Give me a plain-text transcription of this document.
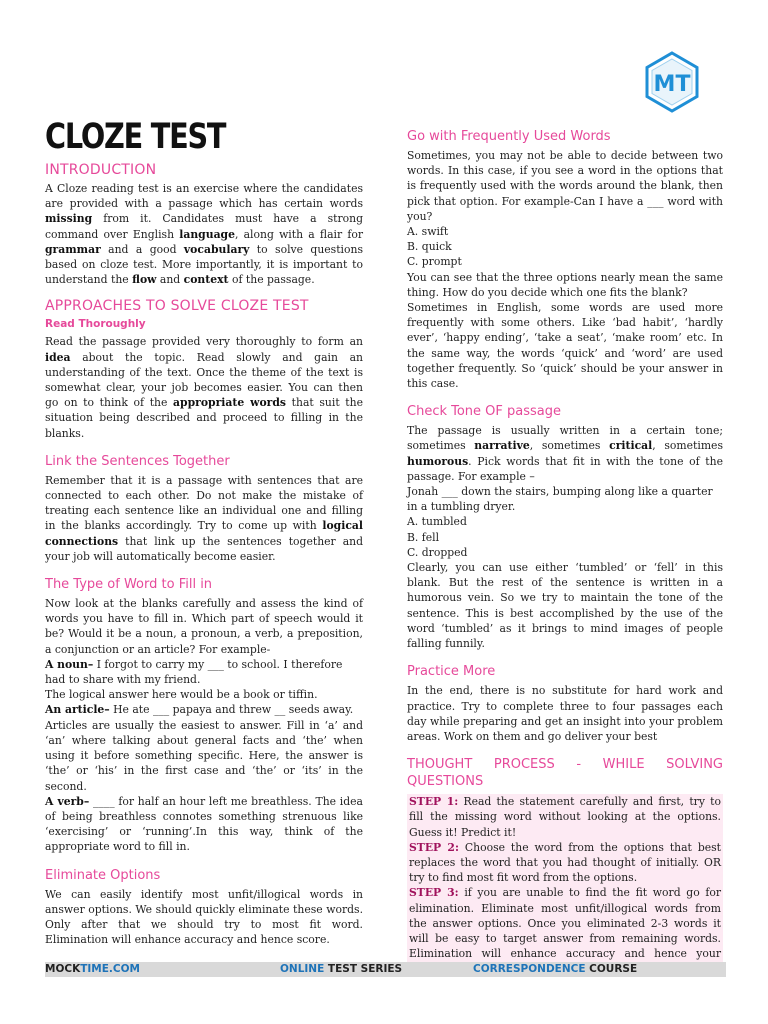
MT
CLOZE TEST
INTRODUCTION

A Cloze reading test is an exercise where the candidates are provided with a passage which has certain words missing from it. Candidates must have a strong command over English language, along with a flair for grammar and a good vocabulary to solve questions based on cloze test. More importantly, it is important to understand the flow and context of the passage.

APPROACHES TO SOLVE CLOZE TEST
Read Thoroughly

Read the passage provided very thoroughly to form an idea about the topic. Read slowly and gain an understanding of the text. Once the theme of the text is somewhat clear, your job becomes easier. You can then go on to think of the appropriate words that suit the situation being described and proceed to filling in the blanks.

Link the Sentences Together

Remember that it is a passage with sentences that are connected to each other. Do not make the mistake of treating each sentence like an individual one and filling in the blanks accordingly. Try to come up with logical connections that link up the sentences together and your job will automatically become easier.

The Type of Word to Fill in

Now look at the blanks carefully and assess the kind of words you have to fill in. Which part of speech would it be? Would it be a noun, a pronoun, a verb, a preposition, a conjunction or an article? For example-

A noun– I forgot to carry my ___ to school. I therefore had to share with my friend.

The logical answer here would be a book or tiffin.

An article– He ate ___ papaya and threw __ seeds away.

Articles are usually the easiest to answer. Fill in ‘a’ and ‘an’ where talking about general facts and ‘the’ when using it before something specific. Here, the answer is ‘the’ or ‘his’ in the first case and ‘the’ or ‘its’ in the second.

A verb– ____ for half an hour left me breathless. The idea of being breathless connotes something strenuous like ‘exercising’ or ‘running’.In this way, think of the appropriate word to fill in.

Eliminate Options

We can easily identify most unfit/illogical words in answer options. We should quickly eliminate these words. Only after that we should try to most fit word. Elimination will enhance accuracy and hence score.

Go with Frequently Used Words

Sometimes, you may not be able to decide between two words. In this case, if you see a word in the options that is frequently used with the words around the blank, then pick that option. For example-Can I have a ___ word with you?

A. swift

B. quick

C. prompt

You can see that the three options nearly mean the same thing. How do you decide which one fits the blank?

Sometimes in English, some words are used more frequently with some others. Like ‘bad habit’, ‘hardly ever’, ‘happy ending’, ‘take a seat’, ‘make room’ etc. In the same way, the words ‘quick’ and ‘word’ are used together frequently. So ‘quick’ should be your answer in this case.

Check Tone OF passage

The passage is usually written in a certain tone; sometimes narrative, sometimes critical, sometimes humorous. Pick words that fit in with the tone of the passage. For example –

Jonah ___ down the stairs, bumping along like a quarter in a tumbling dryer.

A. tumbled

B. fell

C. dropped

Clearly, you can use either ‘tumbled’ or ‘fell’ in this blank. But the rest of the sentence is written in a humorous vein. So we try to maintain the tone of the sentence. This is best accomplished by the use of the word ‘tumbled’ as it brings to mind images of people falling funnily.

Practice More

In the end, there is no substitute for hard work and practice. Try to complete three to four passages each day while preparing and get an insight into your problem areas. Work on them and go deliver your best

THOUGHT PROCESS - WHILE SOLVING QUESTIONS

STEP 1: Read the statement carefully and first, try to fill the missing word without looking at the options. Guess it! Predict it!

STEP 2: Choose the word from the options that best replaces the word that you had thought of initially. OR try to find most fit word from the options.

STEP 3: if you are unable to find the fit word go for elimination. Eliminate most unfit/illogical words from the answer options. Once you eliminated 2-3 words it will be easy to target answer from remaining words. Elimination will enhance accuracy and hence your

MOCKTIME.COM	ONLINE TEST SERIES	CORRESPONDENCE COURSE
